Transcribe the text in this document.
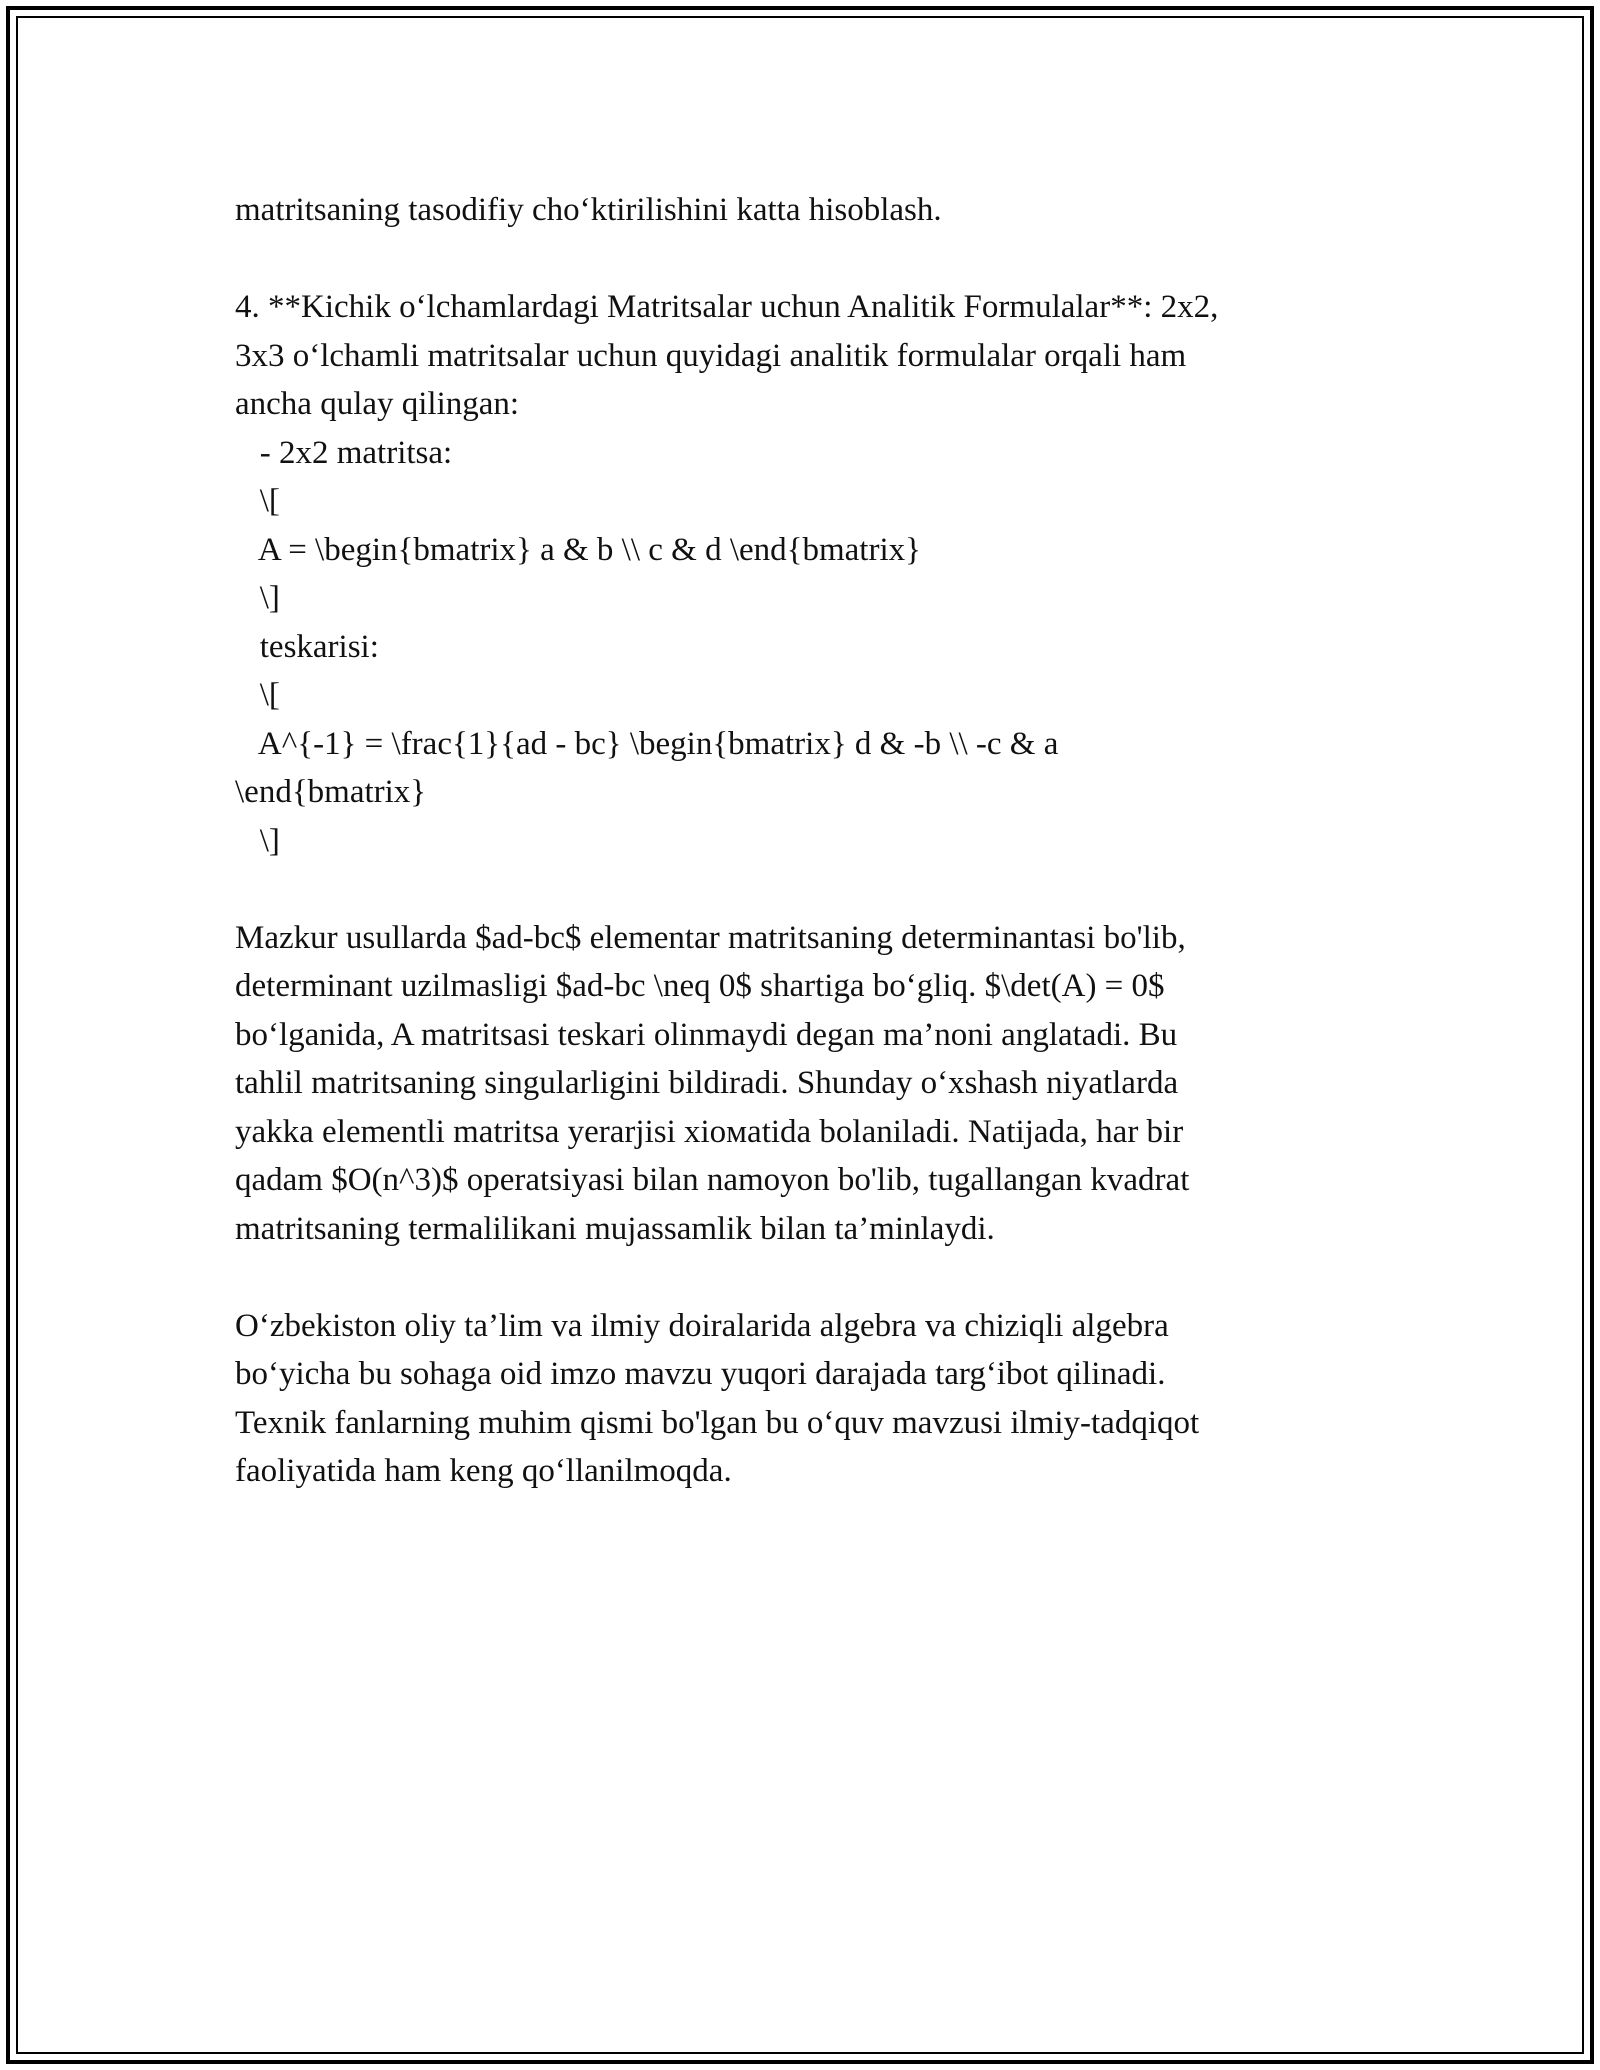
matritsaning tasodifiy cho‘ktirilishini katta hisoblash.
4. **Kichik o‘lchamlardagi Matritsalar uchun Analitik Formulalar**: 2x2,
3x3 o‘lchamli matritsalar uchun quyidagi analitik formulalar orqali ham
ancha qulay qilingan:
- 2x2 matritsa:
\[
A = \begin{bmatrix} a & b \\ c & d \end{bmatrix}
\]
teskarisi:
\[
A^{-1} = \frac{1}{ad - bc} \begin{bmatrix} d & -b \\ -c & a
\end{bmatrix}
\]
Mazkur usullarda $ad-bc$ elementar matritsaning determinantasi bo'lib,
determinant uzilmasligi $ad-bc \neq 0$ shartiga bo‘gliq. $\det(A) = 0$
bo‘lganida, A matritsasi teskari olinmaydi degan ma’noni anglatadi. Bu
tahlil matritsaning singularligini bildiradi. Shunday o‘xshash niyatlarda
yakka elementli matritsa yerarjisi xioмatida bolaniladi. Natijada, har bir
qadam $O(n^3)$ operatsiyasi bilan namoyon bo'lib, tugallangan kvadrat
matritsaning termalilikani mujassamlik bilan ta’minlaydi.
O‘zbekiston oliy ta’lim va ilmiy doiralarida algebra va chiziqli algebra
bo‘yicha bu sohaga oid imzo mavzu yuqori darajada targ‘ibot qilinadi.
Texnik fanlarning muhim qismi bo'lgan bu o‘quv mavzusi ilmiy-tadqiqot
faoliyatida ham keng qo‘llanilmoqda.
